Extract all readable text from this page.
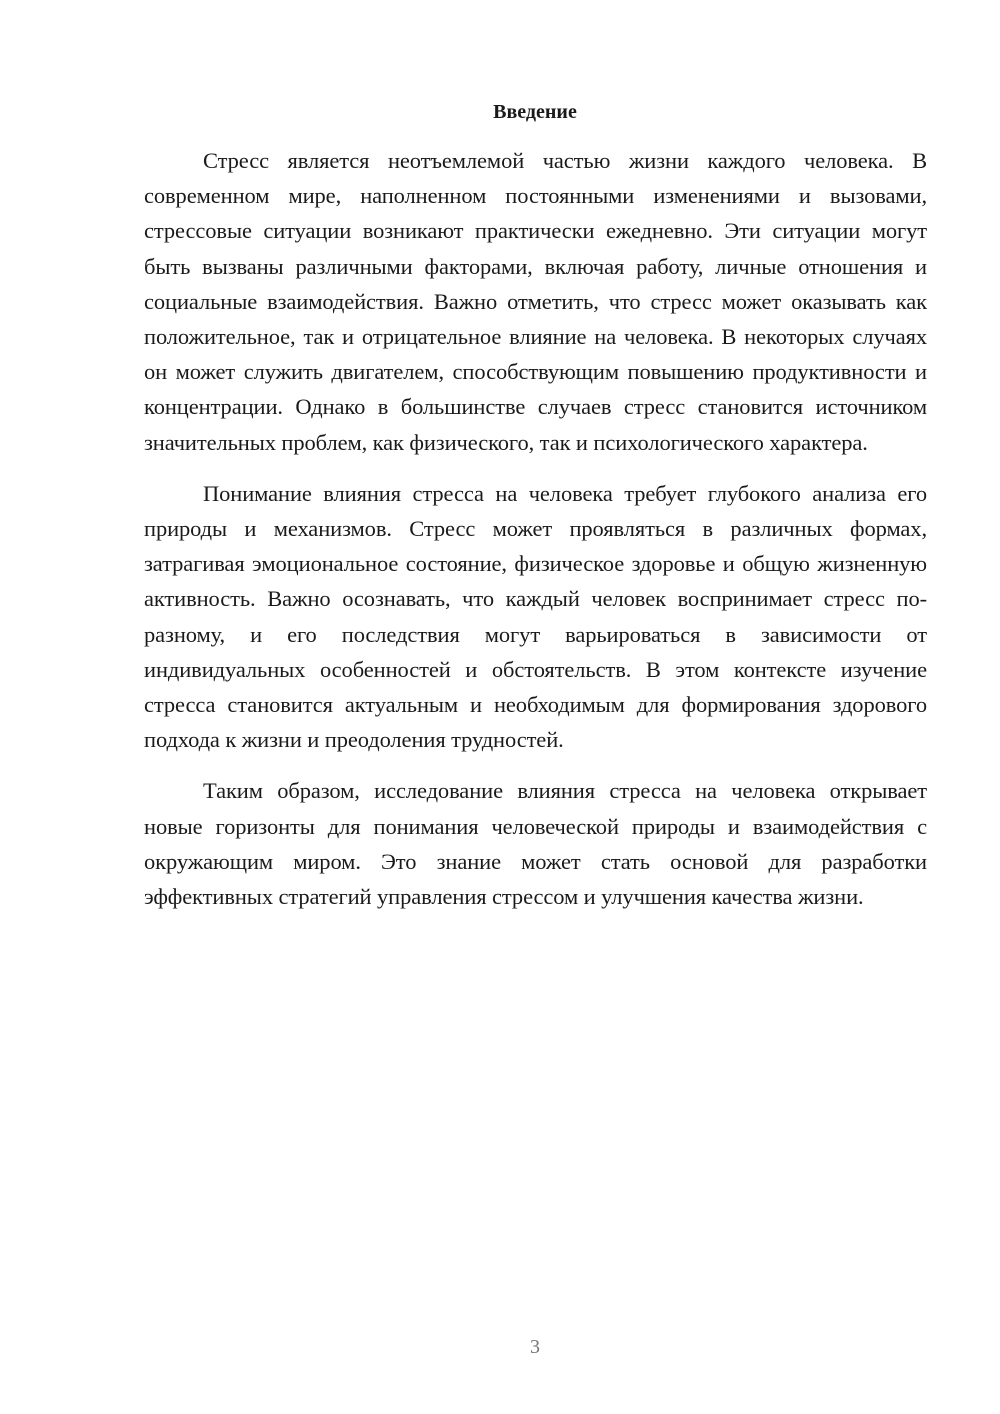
Введение

Стресс является неотъемлемой частью жизни каждого человека. В современном мире, наполненном постоянными изменениями и вызовами, стрессовые ситуации возникают практически ежедневно. Эти ситуации могут быть вызваны различными факторами, включая работу, личные отношения и социальные взаимодействия. Важно отметить, что стресс может оказывать как положительное, так и отрицательное влияние на человека. В некоторых случаях он может служить двигателем, способствующим повышению продуктивности и концентрации. Однако в большинстве случаев стресс становится источником значительных проблем, как физического, так и психологического характера.

Понимание влияния стресса на человека требует глубокого анализа его природы и механизмов. Стресс может проявляться в различных формах, затрагивая эмоциональное состояние, физическое здоровье и общую жизненную активность. Важно осознавать, что каждый человек воспринимает стресс по-разному, и его последствия могут варьироваться в зависимости от индивидуальных особенностей и обстоятельств. В этом контексте изучение стресса становится актуальным и необходимым для формирования здорового подхода к жизни и преодоления трудностей.

Таким образом, исследование влияния стресса на человека открывает новые горизонты для понимания человеческой природы и взаимодействия с окружающим миром. Это знание может стать основой для разработки эффективных стратегий управления стрессом и улучшения качества жизни.

3
